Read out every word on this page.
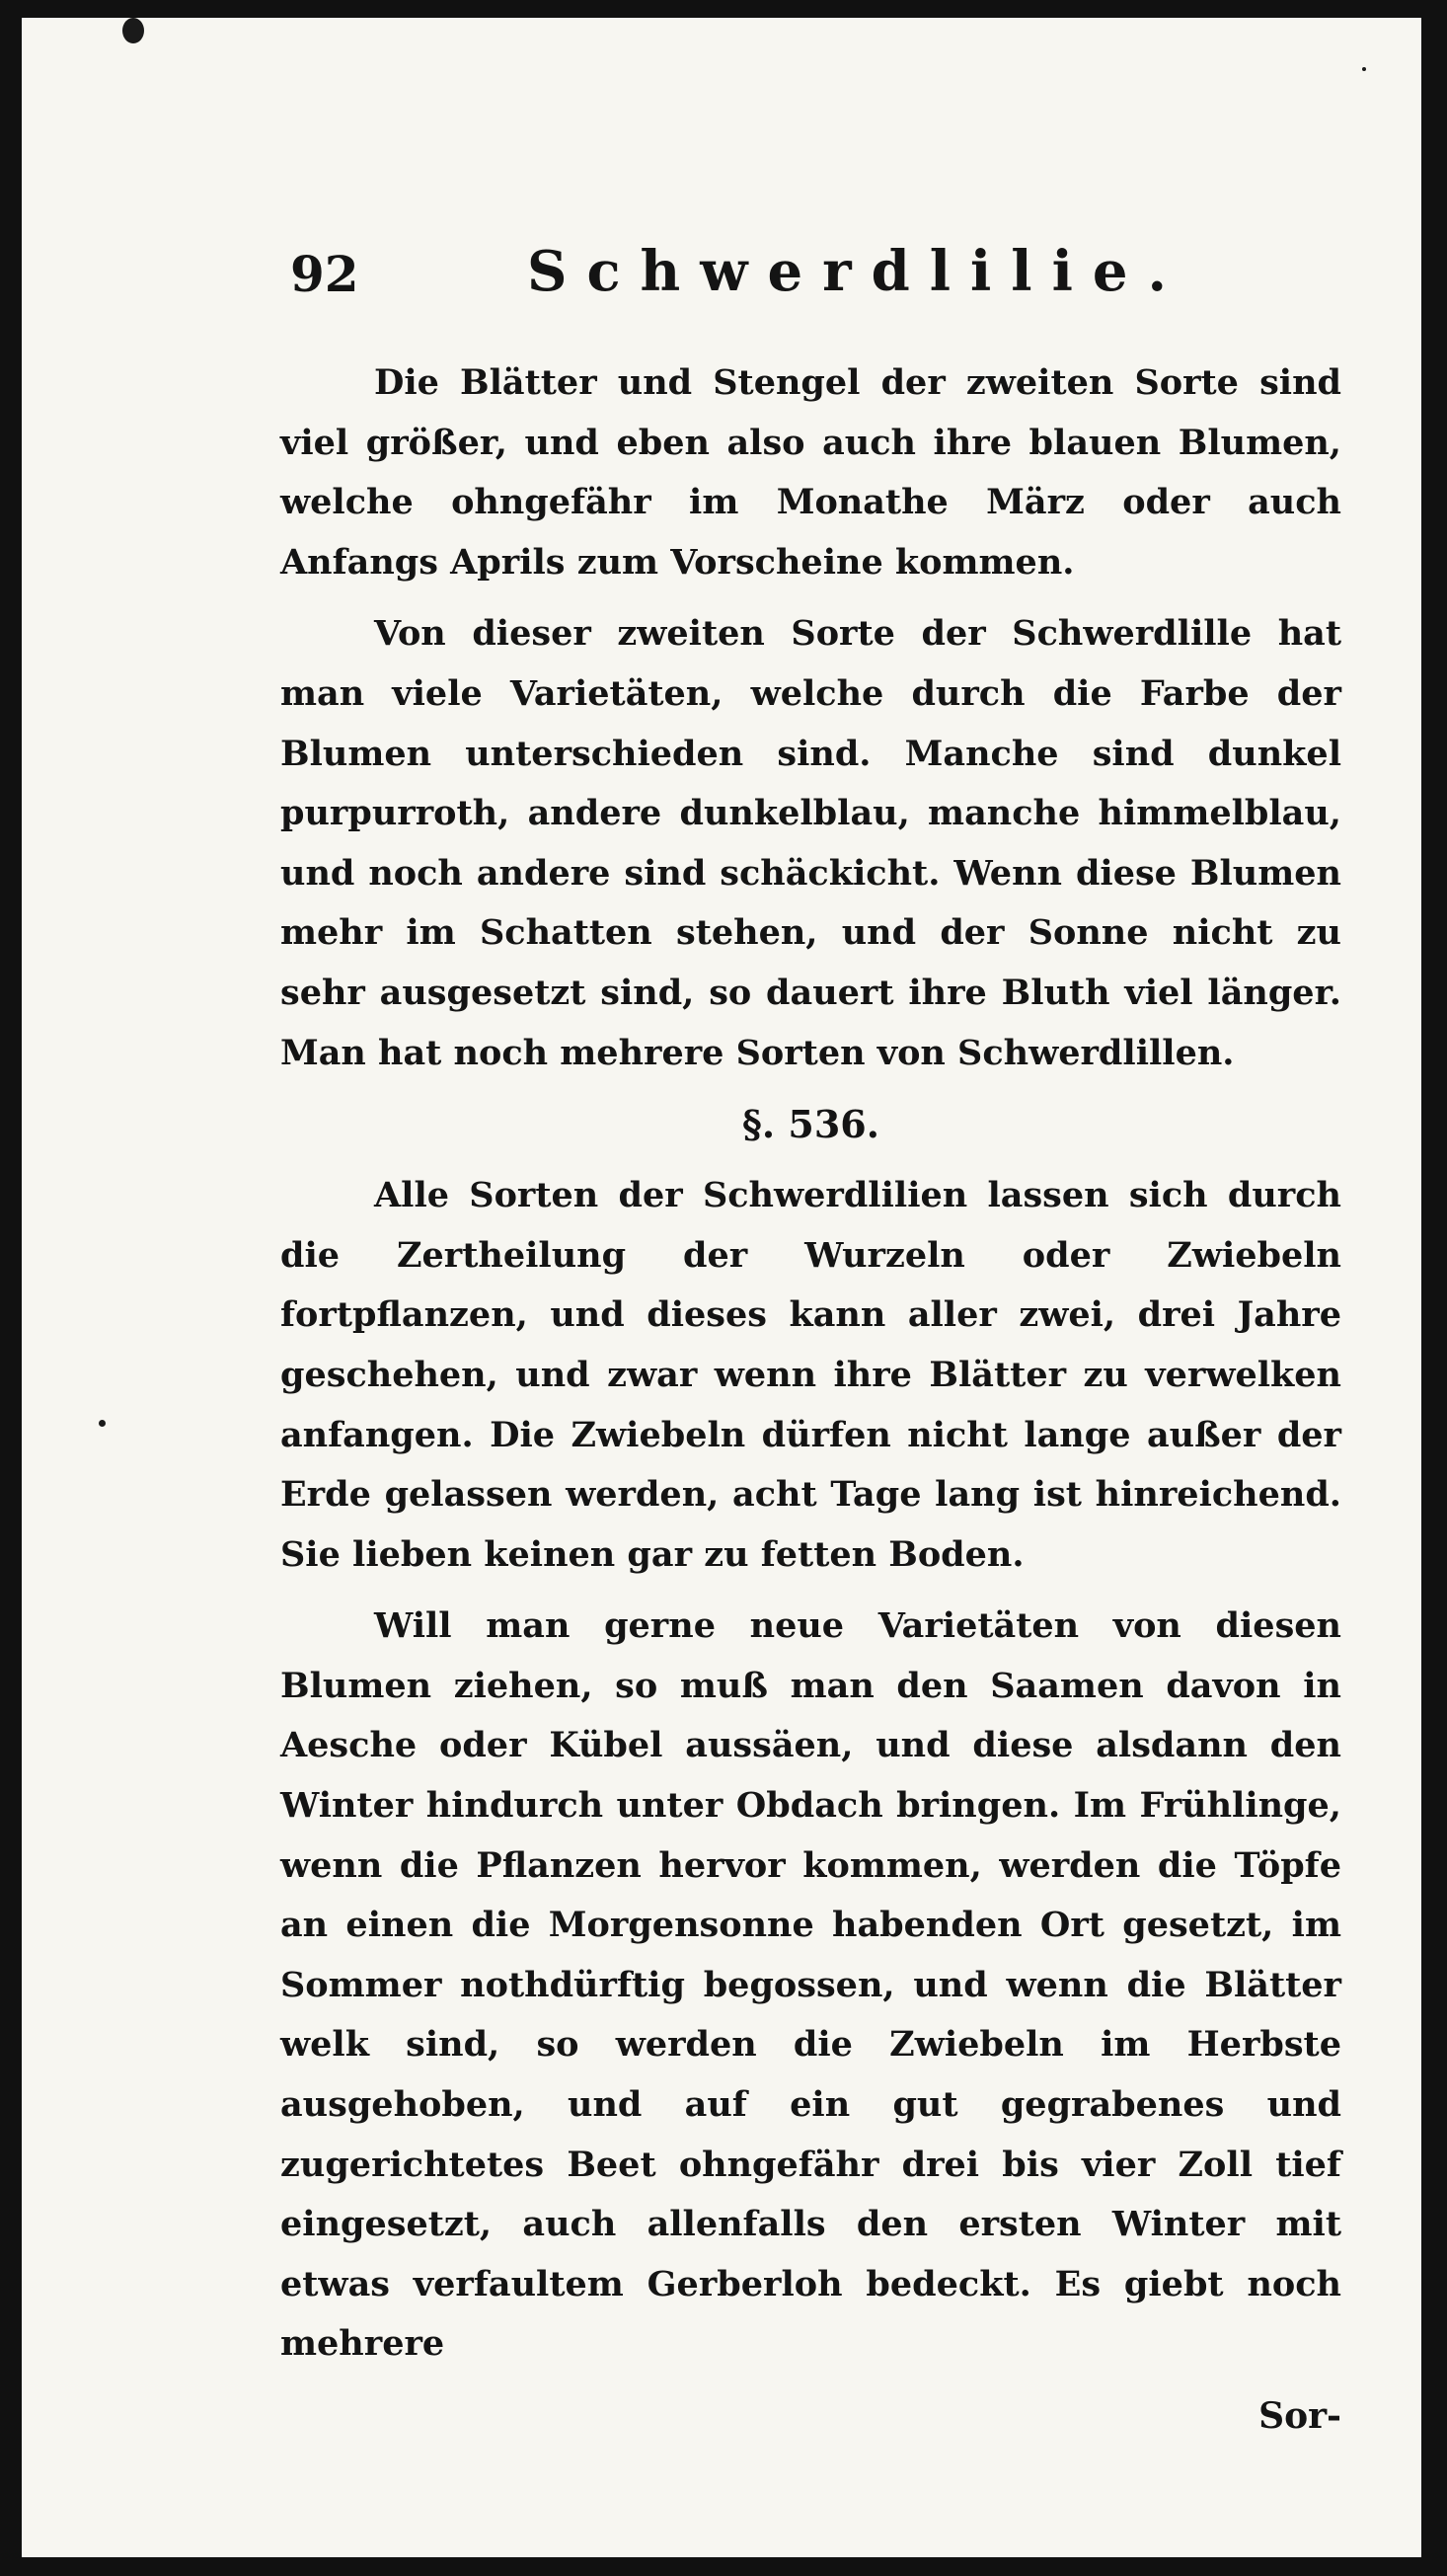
92	Schwerdlilie.

Die Blätter und Stengel der zweiten Sorte sind viel größer, und eben also auch ihre blauen Blumen, welche ohngefähr im Monathe März oder auch Anfangs Aprils zum Vorscheine kommen.

Von dieser zweiten Sorte der Schwerdlille hat man viele Varietäten, welche durch die Farbe der Blumen unterschieden sind. Manche sind dunkel purpurroth, andere dunkelblau, manche himmelblau, und noch andere sind schäckicht. Wenn diese Blumen mehr im Schatten stehen, und der Sonne nicht zu sehr ausgesetzt sind, so dauert ihre Bluth viel länger. Man hat noch mehrere Sorten von Schwerdlillen.

§. 536.

Alle Sorten der Schwerdlilien lassen sich durch die Zertheilung der Wurzeln oder Zwiebeln fortpflanzen, und dieses kann aller zwei, drei Jahre geschehen, und zwar wenn ihre Blätter zu verwelken anfangen. Die Zwiebeln dürfen nicht lange außer der Erde gelassen werden, acht Tage lang ist hinreichend. Sie lieben keinen gar zu fetten Boden.

Will man gerne neue Varietäten von diesen Blumen ziehen, so muß man den Saamen davon in Aesche oder Kübel aussäen, und diese alsdann den Winter hindurch unter Obdach bringen. Im Frühlinge, wenn die Pflanzen hervor kommen, werden die Töpfe an einen die Morgensonne habenden Ort gesetzt, im Sommer nothdürftig begossen, und wenn die Blätter welk sind, so werden die Zwiebeln im Herbste ausgehoben, und auf ein gut gegrabenes und zugerichtetes Beet ohngefähr drei bis vier Zoll tief eingesetzt, auch allenfalls den ersten Winter mit etwas verfaultem Gerberloh bedeckt. Es giebt noch mehrere

Sor-
